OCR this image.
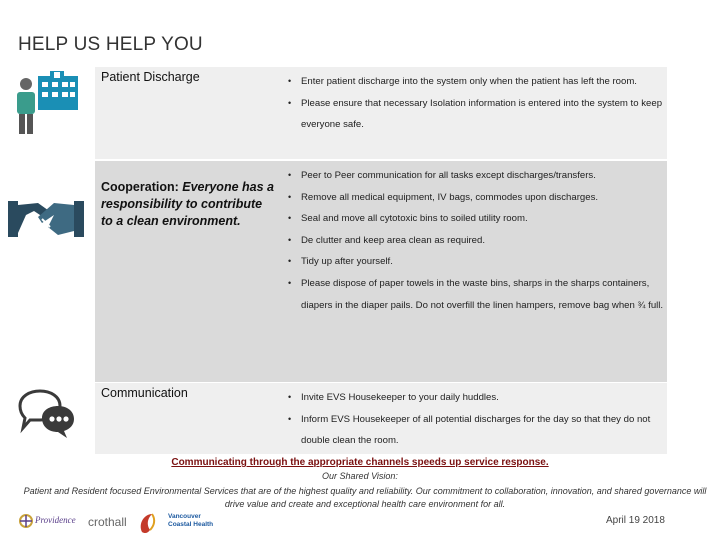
HELP US HELP YOU
Patient Discharge	• Enter patient discharge into the system only when the patient has left the room.
• Please ensure that necessary Isolation information is entered into the system to keep everyone safe.
Cooperation: Everyone has a responsibility to contribute to a clean environment.
• Peer to Peer communication for all tasks except discharges/transfers.
• Remove all medical equipment, IV bags, commodes upon discharges.
• Seal and move all cytotoxic bins to soiled utility room.
• De clutter and keep area clean as required.
• Tidy up after yourself.
• Please dispose of paper towels in the waste bins, sharps in the sharps containers, diapers in the diaper pails. Do not overfill the linen hampers, remove bag when ¾ full.
Communication	• Invite EVS Housekeeper to your daily huddles.
• Inform EVS Housekeeper of all potential discharges for the day so that they do not double clean the room.
Communicating through the appropriate channels speeds up service response.
Our Shared Vision:
Patient and Resident focused Environmental Services that are of the highest quality and reliability. Our commitment to collaboration, innovation, and shared governance will drive value and create and exceptional health care environment for all.
Providence crothall	Vancouver Coastal Health	April 19 2018
